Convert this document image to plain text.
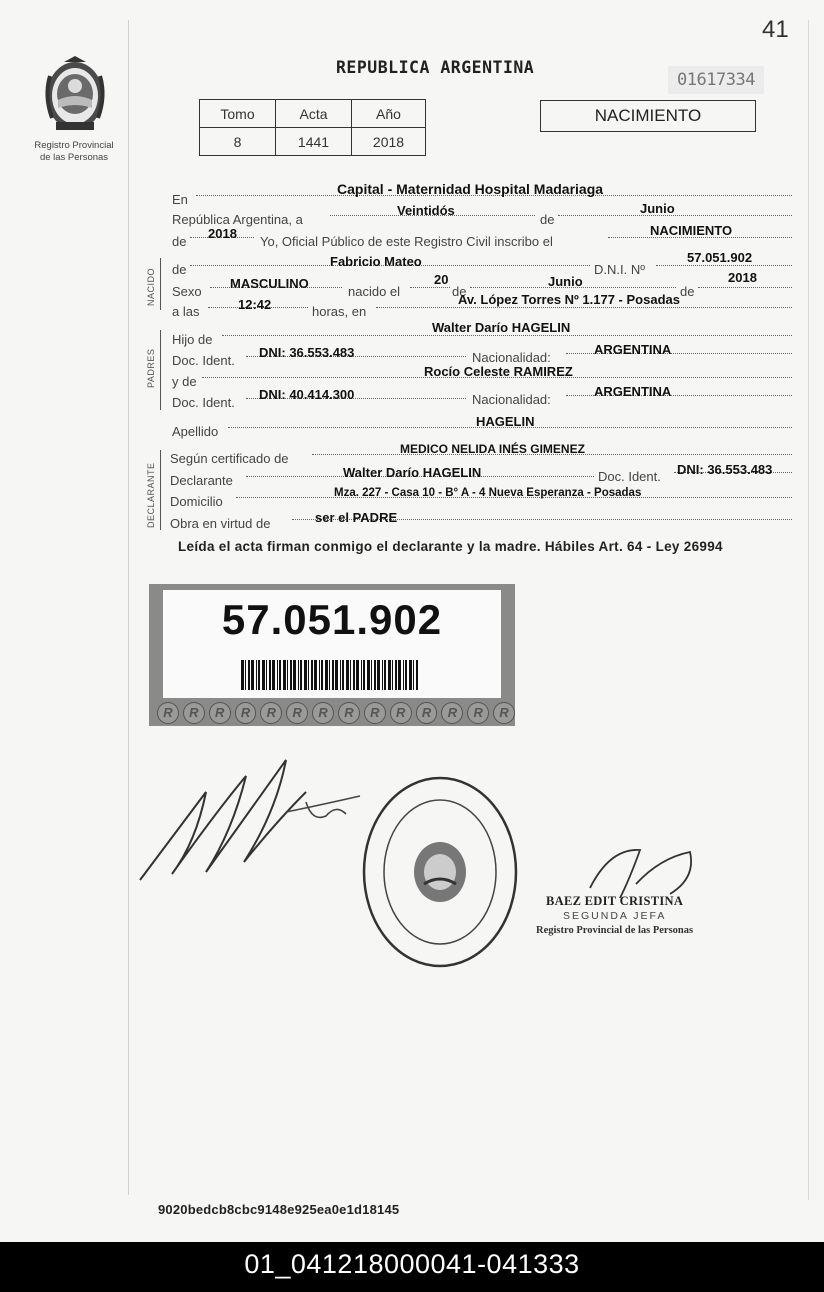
41
Registro Provincial
de las Personas
REPUBLICA ARGENTINA
01617334
Tomo	Acta	Año
8	1441	2018
NACIMIENTO
En
Capital - Maternidad Hospital Madariaga
República Argentina, a
Veintidós
de
Junio
de
2018
Yo, Oficial Público de este Registro Civil inscribo el
NACIMIENTO
NACIDO de
Fabricio Mateo
D.N.I. Nº
57.051.902
Sexo
MASCULINO
nacido el
20
de
Junio
de
2018
a las	12:42	horas, en
Av. López Torres Nº 1.177 - Posadas
PADRES
Hijo de
Walter Darío HAGELIN
Doc. Ident.
DNI: 36.553.483	Nacionalidad:
ARGENTINA
y de
Rocío Celeste RAMIREZ
Doc. Ident.
DNI: 40.414.300	Nacionalidad:
ARGENTINA
Apellido
HAGELIN
DECLARANTE
Según certificado de
MEDICO NELIDA INÉS GIMENEZ
Declarante
Walter Darío HAGELIN	Doc. Ident. DNI: 36.553.483
Domicilio
Mza. 227 - Casa 10 - B° A - 4 Nueva Esperanza - Posadas
Obra en virtud de	ser el PADRE
Leída el acta firman conmigo el declarante y la madre. Hábiles Art. 64 - Ley 26994
57.051.902
R	R	R	R	R	R	R	R	R	R	R	R	R	R
BAEZ EDIT CRISTINA
SEGUNDA JEFA
Registro Provincial de las Personas
9020bedcb8cbc9148e925ea0e1d18145
01_041218000041-041333
